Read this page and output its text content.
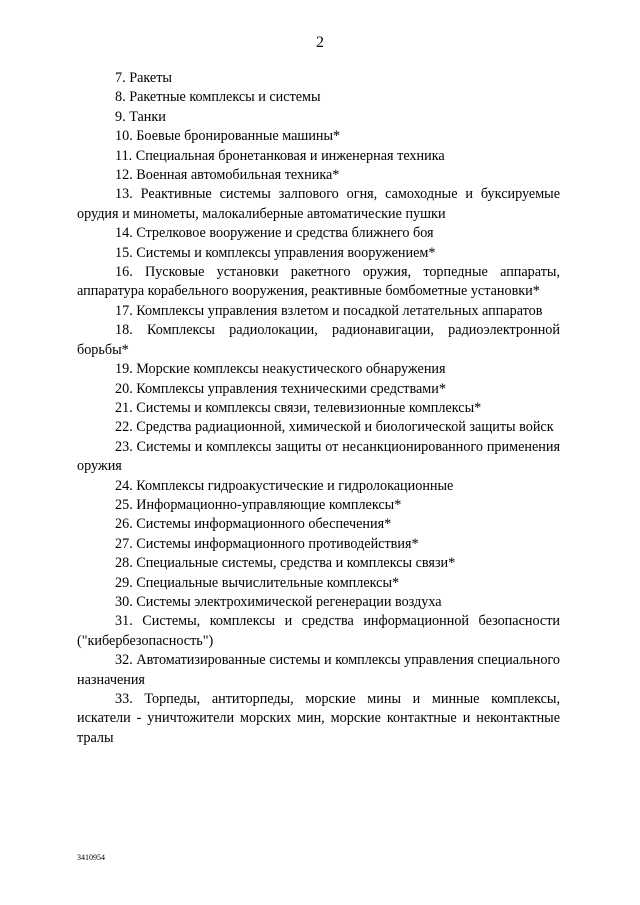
2

7. Ракеты

8. Ракетные комплексы и системы

9. Танки

10. Боевые бронированные машины*

11. Специальная бронетанковая и инженерная техника

12. Военная автомобильная техника*

13. Реактивные системы залпового огня, самоходные и буксируемые орудия и минометы, малокалиберные автоматические пушки

14. Стрелковое вооружение и средства ближнего боя

15. Системы и комплексы управления вооружением*

16. Пусковые установки ракетного оружия, торпедные аппараты, аппаратура корабельного вооружения, реактивные бомбометные установки*

17. Комплексы управления взлетом и посадкой летательных аппаратов

18. Комплексы радиолокации, радионавигации, радиоэлектронной борьбы*

19. Морские комплексы неакустического обнаружения

20. Комплексы управления техническими средствами*

21. Системы и комплексы связи, телевизионные комплексы*

22. Средства радиационной, химической и биологической защиты войск

23. Системы и комплексы защиты от несанкционированного применения оружия

24. Комплексы гидроакустические и гидролокационные

25. Информационно-управляющие комплексы*

26. Системы информационного обеспечения*

27. Системы информационного противодействия*

28. Специальные системы, средства и комплексы связи*

29. Специальные вычислительные комплексы*

30. Системы электрохимической регенерации воздуха

31. Системы, комплексы и средства информационной безопасности ("кибербезопасность")

32. Автоматизированные системы и комплексы управления специального назначения

33. Торпеды, антиторпеды, морские мины и минные комплексы, искатели - уничтожители морских мин, морские контактные и неконтактные тралы

3410954
